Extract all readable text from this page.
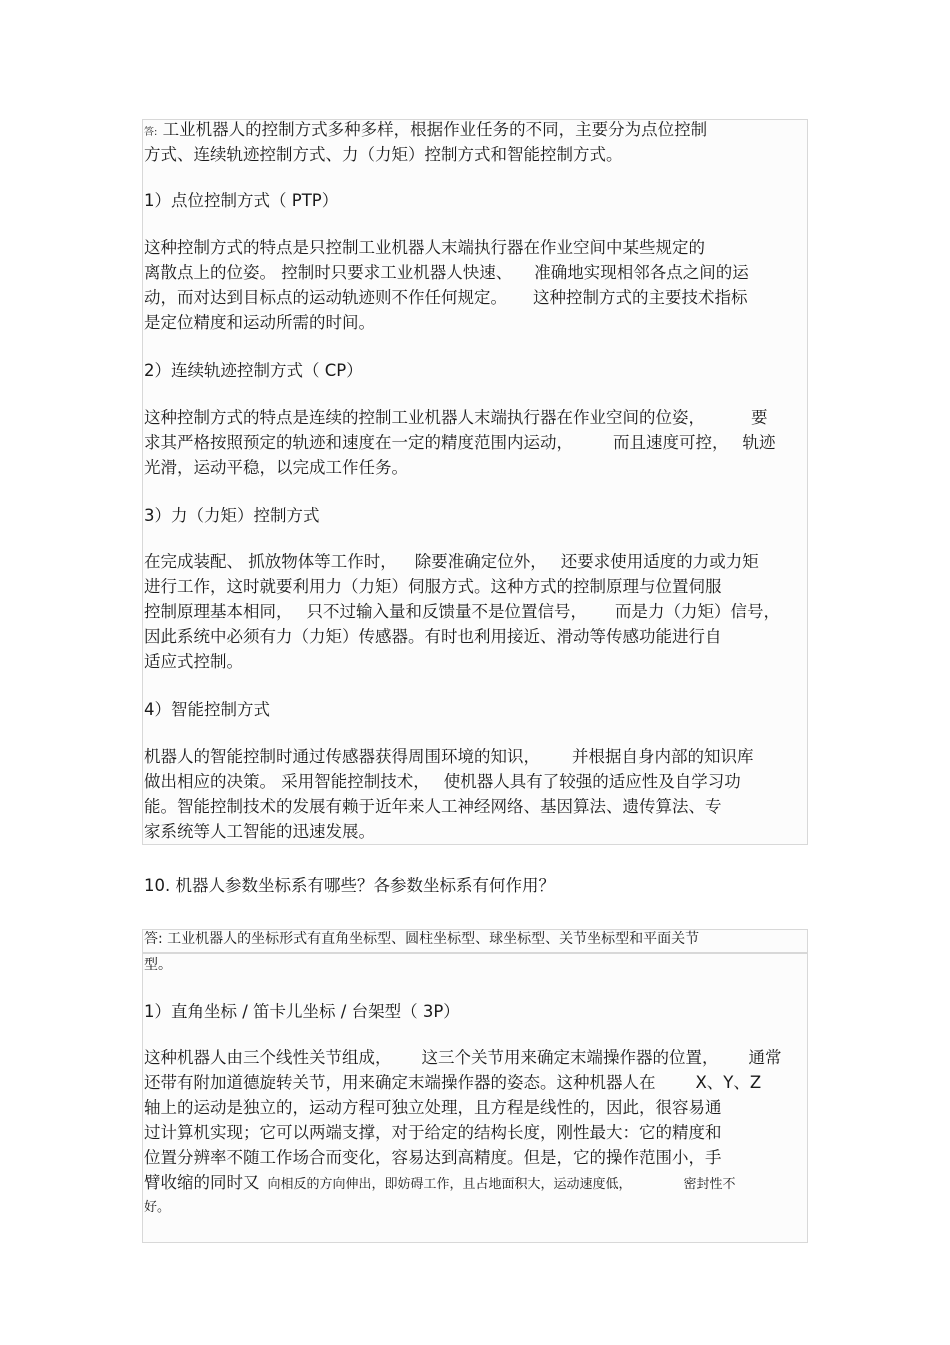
答: 工业机器人的控制方式多种多样，根据作业任务的不同，主要分为点位控制
方式、连续轨迹控制方式、力（力矩）控制方式和智能控制方式。
1）点位控制方式（ PTP）
这种控制方式的特点是只控制工业机器人末端执行器在作业空间中某些规定的
离散点上的位姿。 控制时只要求工业机器人快速、 准确地实现相邻各点之间的运
动，而对达到目标点的运动轨迹则不作任何规定。 这种控制方式的主要技术指标
是定位精度和运动所需的时间。
2）连续轨迹控制方式（ CP）
这种控制方式的特点是连续的控制工业机器人末端执行器在作业空间的位姿，	要
求其严格按照预定的轨迹和速度在一定的精度范围内运动， 而且速度可控， 轨迹
光滑，运动平稳，以完成工作任务。
3）力（力矩）控制方式
在完成装配、 抓放物体等工作时， 除要准确定位外， 还要求使用适度的力或力矩
进行工作，这时就要利用力（力矩）伺服方式。这种方式的控制原理与位置伺服
控制原理基本相同， 只不过输入量和反馈量不是位置信号， 而是力（力矩）信号，
因此系统中必须有力（力矩）传感器。有时也利用接近、滑动等传感功能进行自
适应式控制。
4）智能控制方式
机器人的智能控制时通过传感器获得周围环境的知识， 并根据自身内部的知识库
做出相应的决策。 采用智能控制技术， 使机器人具有了较强的适应性及自学习功
能。智能控制技术的发展有赖于近年来人工神经网络、基因算法、遗传算法、专
家系统等人工智能的迅速发展。
10. 机器人参数坐标系有哪些？各参数坐标系有何作用？
答: 工业机器人的坐标形式有直角坐标型、圆柱坐标型、球坐标型、关节坐标型和平面关节
型。
1）直角坐标 / 笛卡儿坐标 / 台架型（ 3P）
这种机器人由三个线性关节组成， 这三个关节用来确定末端操作器的位置， 通常
还带有附加道德旋转关节，用来确定末端操作器的姿态。这种机器人在 X、Y、Z
轴上的运动是独立的，运动方程可独立处理，且方程是线性的，因此，很容易通
过计算机实现；它可以两端支撑，对于给定的结构长度，刚性最大：它的精度和
位置分辨率不随工作场合而变化，容易达到高精度。但是，它的操作范围小，手
臂收缩的同时又 向相反的方向伸出，即妨碍工作，且占地面积大，运动速度低，	密封性不
好。
